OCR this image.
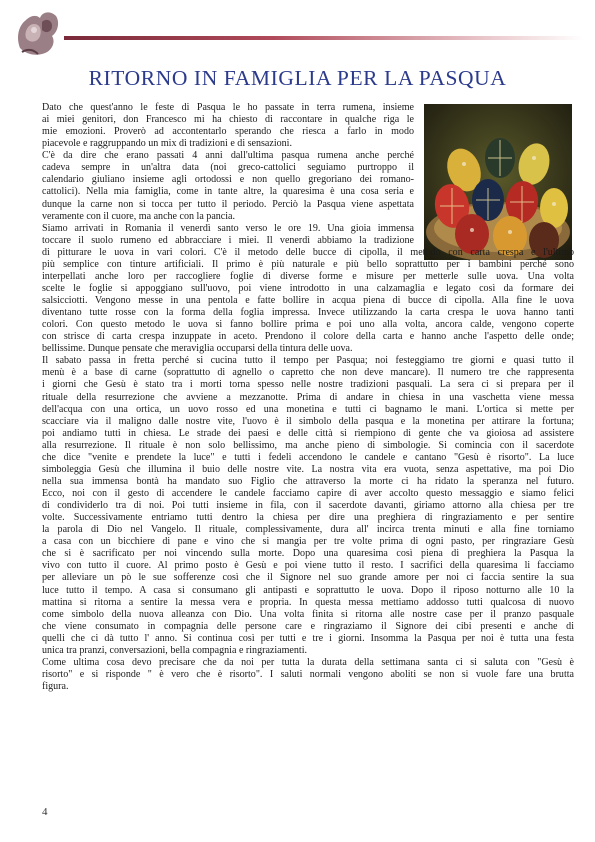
RITORNO IN FAMIGLIA PER LA PASQUA
Dato che quest'anno le feste di Pasqua le ho passate in terra rumena, insieme
ai miei genitori, don Francesco mi ha chiesto di raccontare in qualche riga le
mie emozioni. Proverò ad accontentarlo sperando che riesca a farlo in modo
piacevole e raggruppando un mix di tradizioni e di sensazioni.
C'è da dire che erano passati 4 anni dall'ultima pasqua rumena anche perché
cadeva sempre in un'altra data (noi greco-cattolici seguiamo purtroppo il
calendario giuliano insieme agli ortodossi e non quello gregoriano dei romano-
cattolici). Nella mia famiglia, come in tante altre, la quaresima è una cosa seria e
dunque la carne non si tocca per tutto il periodo. Perciò la Pasqua viene aspettata
veramente con il cuore, ma anche con la pancia.
Siamo arrivati in Romania il venerdì santo verso le ore 19. Una gioia immensa
toccare il suolo rumeno ed abbracciare i miei. Il venerdì abbiamo la tradizione
di pitturare le uova in vari colori. C'è il metodo delle bucce di cipolla, il metodo con carta crespa e l'ultimo
più semplice con tinture artificiali. Il primo è più naturale e più bello soprattutto per i bambini perché sono
interpellati anche loro per raccogliere foglie di diverse forme e misure per metterle sulle uova. Una volta
scelte le foglie si appoggiano sull'uovo, poi viene introdotto in una calzamaglia e legato così da formare dei
salsicciotti. Vengono messe in una pentola e fatte bollire in acqua piena di bucce di cipolla. Alla fine le uova
diventano tutte rosse con la forma della foglia impressa. Invece utilizzando la carta crespa le uova hanno tanti
colori. Con questo metodo le uova si fanno bollire prima e poi uno alla volta, ancora calde, vengono coperte
con strisce di carta crespa inzuppate in aceto. Prendono il colore della carta e hanno anche l'aspetto delle onde;
bellissime. Dunque pensate che meraviglia occuparsi della tintura delle uova.
Il sabato passa in fretta perché si cucina tutto il tempo per Pasqua; noi festeggiamo tre giorni e quasi tutto il
menù è a base di carne (soprattutto di agnello o capretto che non deve mancare). Il numero tre che rappresenta
i giorni che Gesù è stato tra i morti torna spesso nelle nostre tradizioni pasquali. La sera ci si prepara per il
rituale della resurrezione che avviene a mezzanotte. Prima di andare in chiesa in una vaschetta viene messa
dell'acqua con una ortica, un uovo rosso ed una monetina e tutti ci bagnamo le mani. L'ortica si mette per
scacciare via il maligno dalle nostre vite, l'uovo è il simbolo della pasqua e la monetina per attirare la fortuna;
poi andiamo tutti in chiesa. Le strade dei paesi e delle città si riempiono di gente che va gioiosa ad assistere
alla resurrezione. Il rituale è non solo bellissimo, ma anche pieno di simbologie. Si comincia con il sacerdote
che dice "venite e prendete la luce" e tutti i fedeli accendono le candele e cantano "Gesù è risorto". La luce
simboleggia Gesù che illumina il buio delle nostre vite. La nostra vita era vuota, senza aspettative, ma poi Dio
nella sua immensa bontà ha mandato suo Figlio che attraverso la morte ci ha ridato la speranza nel futuro.
Ecco, noi con il gesto di accendere le candele facciamo capire di aver accolto questo messaggio e siamo felici
di condividerlo tra di noi. Poi tutti insieme in fila, con il sacerdote davanti, giriamo attorno alla chiesa per tre
volte. Successivamente entriamo tutti dentro la chiesa per dire una preghiera di ringraziamento e per sentire
la parola di Dio nel Vangelo. Il rituale, complessivamente, dura all' incirca trenta minuti e alla fine torniamo
a casa con un bicchiere di pane e vino che si mangia per tre volte prima di ogni pasto, per ringraziare Gesù
che si è sacrificato per noi vincendo sulla morte. Dopo una quaresima così piena di preghiera la Pasqua la
vivo con tutto il cuore. Al primo posto è Gesù e poi viene tutto il resto. I sacrifici della quaresima li facciamo
per alleviare un pò le sue sofferenze così che il Signore nel suo grande amore per noi ci faccia sentire la sua
luce tutto il tempo. A casa si consumano gli antipasti e soprattutto le uova. Dopo il riposo notturno alle 10 la
mattina si ritorna a sentire la messa vera e propria. In questa messa mettiamo addosso tutti qualcosa di nuovo
come simbolo della nuova alleanza con Dio. Una volta finita si ritorna alle nostre case per il pranzo pasquale
che viene consumato in compagnia delle persone care e ringraziamo il Signore dei cibi presenti e anche di
quelli che ci dà tutto l' anno. Si continua così per tutti e tre i giorni. Insomma la Pasqua per noi è tutta una festa
unica tra pranzi, conversazioni, bella compagnia e ringraziamenti.
Come ultima cosa devo precisare che da noi per tutta la durata della settimana santa ci si saluta con "Gesù è
risorto" e si risponde " è vero che è risorto". I saluti normali vengono aboliti se non si vuole fare una brutta
figura.
4
